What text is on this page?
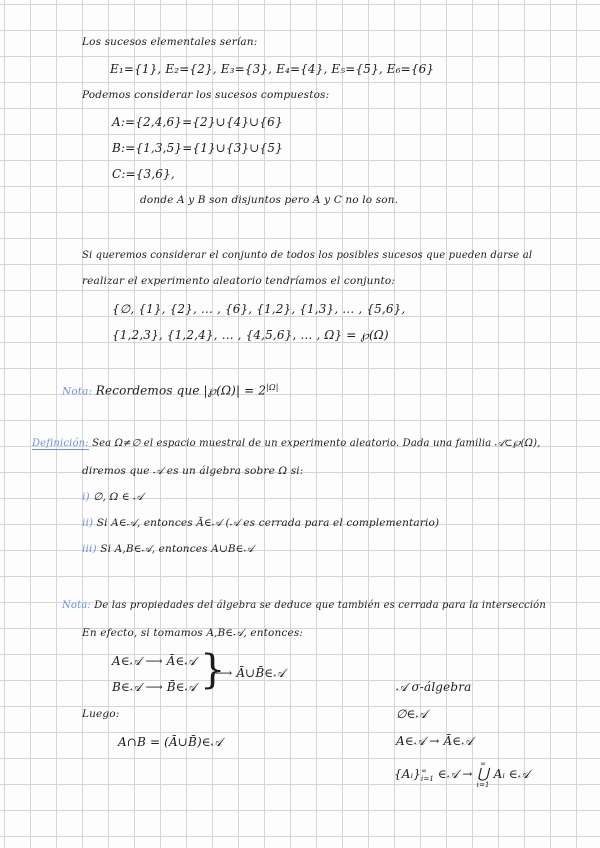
Los sucesos elementales serían:
E₁={1}, E₂={2}, E₃={3}, E₄={4}, E₅={5}, E₆={6}
Podemos considerar los sucesos compuestos:
A:={2,4,6}={2}∪{4}∪{6}
B:={1,3,5}={1}∪{3}∪{5}
C:={3,6},
donde A y B son disjuntos pero A y C no lo son.
Si queremos considerar el conjunto de todos los posibles sucesos que pueden darse al
realizar el experimento aleatorio tendríamos el conjunto:
{∅, {1}, {2}, … , {6}, {1,2}, {1,3}, … , {5,6},
{1,2,3}, {1,2,4}, … , {4,5,6}, … , Ω} = ℘(Ω)
Nota: Recordemos que |℘(Ω)| = $2^{|\Omega|}$
Definición: Sea Ω≠∅ el espacio muestral de un experimento aleatorio. Dada una familia 𝒜⊂℘(Ω),
diremos que 𝒜 es un álgebra sobre Ω si:
i) ∅, Ω ∈ 𝒜
ii) Si A∈𝒜, entonces Ā∈𝒜 (𝒜 es cerrada para el complementario)
iii) Si A,B∈𝒜, entonces A∪B∈𝒜
Nota: De las propiedades del álgebra se deduce que también es cerrada para la intersección
En efecto, si tomamos A,B∈𝒜, entonces:
A∈𝒜 ⟶ Ā∈𝒜
B∈𝒜 ⟶ B̄∈𝒜 }
⟶ Ā∪B̄∈𝒜
Luego:
A∩B = (Ā∪B̄)∈𝒜
𝒜 σ-álgebra
∅∈𝒜
A∈𝒜 → Ā∈𝒜
{Aᵢ} ∞
i=1 ∈𝒜 →
∞
⋃
i=1
Aᵢ ∈𝒜
